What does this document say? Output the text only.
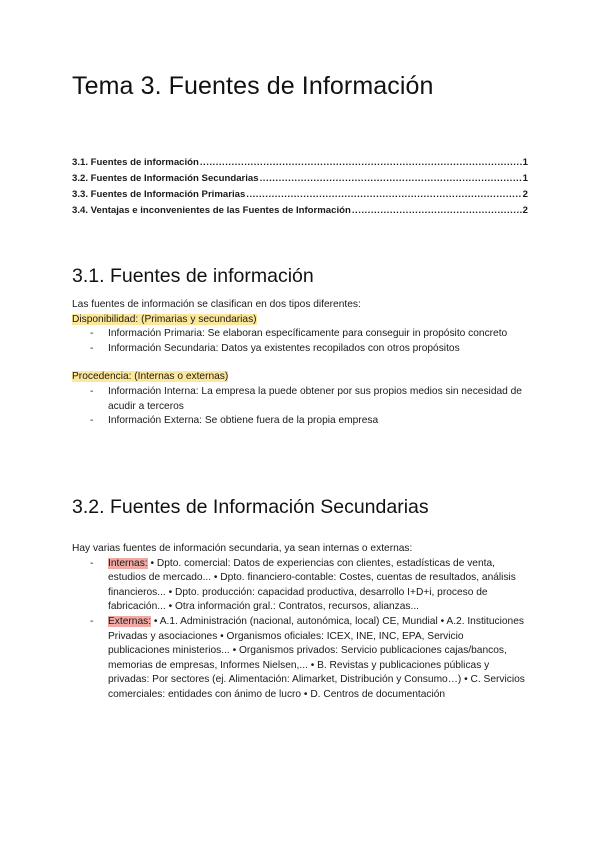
Tema 3. Fuentes de Información
3.1. Fuentes de información .....	1
3.2. Fuentes de Información Secundarias .....	1
3.3. Fuentes de Información Primarias .....	2
3.4. Ventajas e inconvenientes de las Fuentes de Información .....	2
3.1. Fuentes de información

Las fuentes de información se clasifican en dos tipos diferentes:

Disponibilidad: (Primarias y secundarias)

- Información Primaria: Se elaboran específicamente para conseguir in propósito concreto
- Información Secundaria: Datos ya existentes recopilados con otros propósitos

Procedencia: (Internas o externas)

- Información Interna: La empresa la puede obtener por sus propios medios sin necesidad de acudir a terceros
- Información Externa: Se obtiene fuera de la propia empresa
3.2. Fuentes de Información Secundarias

Hay varias fuentes de información secundaria, ya sean internas o externas:

- Internas: • Dpto. comercial: Datos de experiencias con clientes, estadísticas de venta, estudios de mercado... • Dpto. financiero-contable: Costes, cuentas de resultados, análisis financieros... • Dpto. producción: capacidad productiva, desarrollo I+D+i, proceso de fabricación... • Otra información gral.: Contratos, recursos, alianzas...
- Externas: • A.1. Administración (nacional, autonómica, local) CE, Mundial • A.2. Instituciones Privadas y asociaciones • Organismos oficiales: ICEX, INE, INC, EPA, Servicio publicaciones ministerios... • Organismos privados: Servicio publicaciones cajas/bancos, memorias de empresas, Informes Nielsen,... • B. Revistas y publicaciones públicas y privadas: Por sectores (ej. Alimentación: Alimarket, Distribución y Consumo…) • C. Servicios comerciales: entidades con ánimo de lucro • D. Centros de documentación
